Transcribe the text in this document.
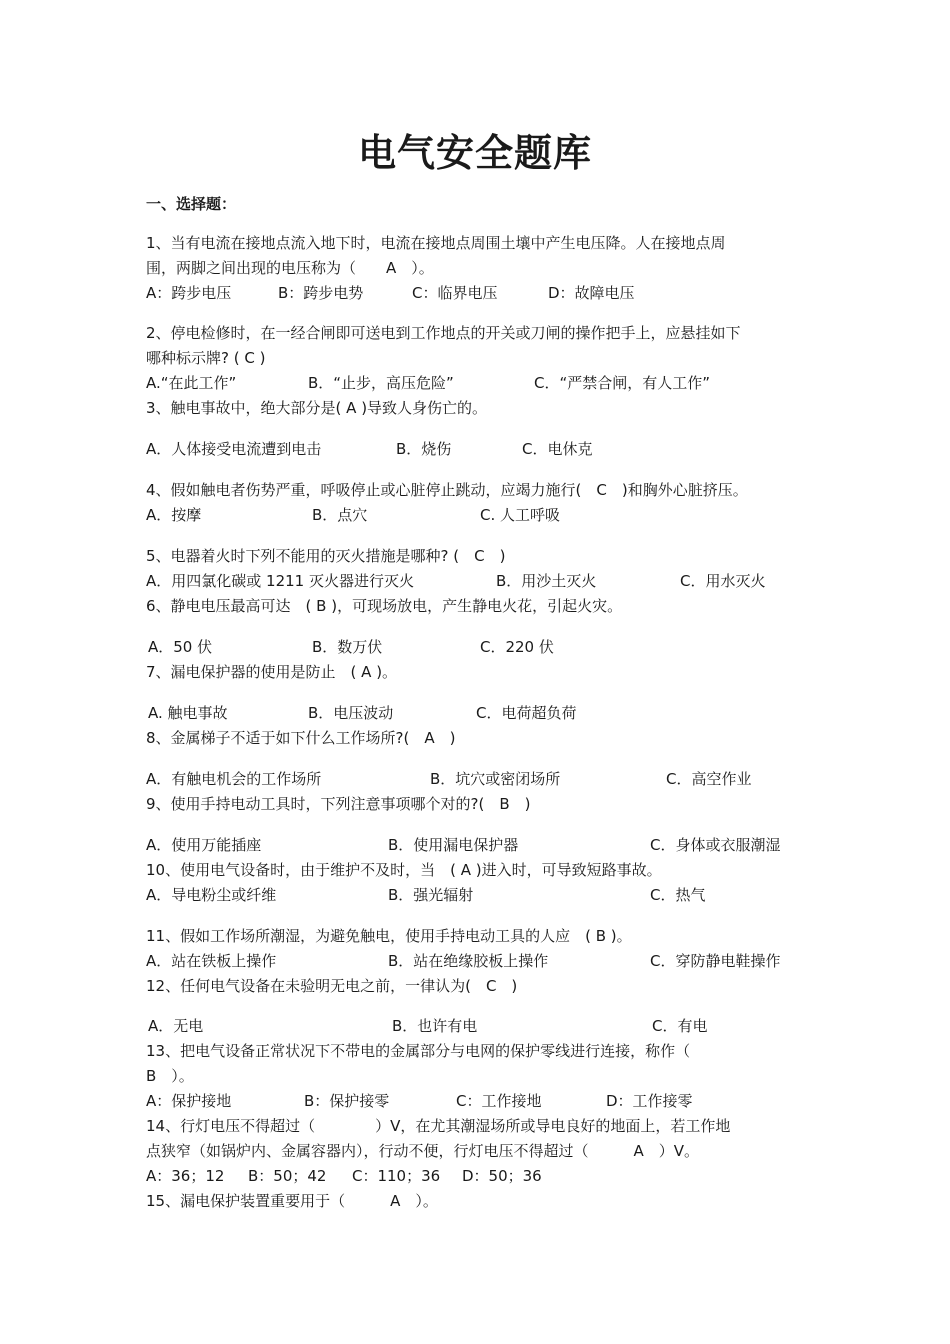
电气安全题库
一、选择题：
1、当有电流在接地点流入地下时，电流在接地点周围土壤中产生电压降。人在接地点周
围，两脚之间出现的电压称为（　　A　）。
A：跨步电压	B：跨步电势	C：临界电压	D：故障电压
2、停电检修时，在一经合闸即可送电到工作地点的开关或刀闸的操作把手上，应悬挂如下
哪种标示牌? ( C )
A.“在此工作”	B．“止步，高压危险”	C．“严禁合闸，有人工作”
3、触电事故中，绝大部分是( A )导致人身伤亡的。
A．人体接受电流遭到电击	B．烧伤	C．电休克
4、假如触电者伤势严重，呼吸停止或心脏停止跳动，应竭力施行(　C　)和胸外心脏挤压。
A．按摩	B．点穴	C. 人工呼吸
5、电器着火时下列不能用的灭火措施是哪种? (　C　)
A．用四氯化碳或 1211 灭火器进行灭火	B．用沙土灭火	C．用水灭火
6、静电电压最高可达　( B )，可现场放电，产生静电火花，引起火灾。
A．50 伏	B．数万伏	C．220 伏
7、漏电保护器的使用是防止　( A )。
A. 触电事故	B．电压波动	C．电荷超负荷
8、金属梯子不适于如下什么工作场所?(　A　)
A．有触电机会的工作场所	B．坑穴或密闭场所	C．高空作业
9、使用手持电动工具时，下列注意事项哪个对的?(　B　)
A．使用万能插座	B．使用漏电保护器	C．身体或衣服潮湿
10、使用电气设备时，由于维护不及时，当　( A )进入时，可导致短路事故。
A．导电粉尘或纤维	B．强光辐射	C．热气
11、假如工作场所潮湿，为避免触电，使用手持电动工具的人应　( B )。
A．站在铁板上操作	B．站在绝缘胶板上操作	C．穿防静电鞋操作
12、任何电气设备在未验明无电之前，一律认为(　C　)
A．无电	B．也许有电	C．有电
13、把电气设备正常状况下不带电的金属部分与电网的保护零线进行连接，称作（
B　）。
A：保护接地	B：保护接零	C：工作接地	D：工作接零
14、行灯电压不得超过（　　　　）V，在尤其潮湿场所或导电良好的地面上，若工作地
点狭窄（如锅炉内、金属容器内），行动不便，行灯电压不得超过（　　　A　）V。
A：36；12 B：50；42 C：110；36 D：50；36
15、漏电保护装置重要用于（　　　A　）。
